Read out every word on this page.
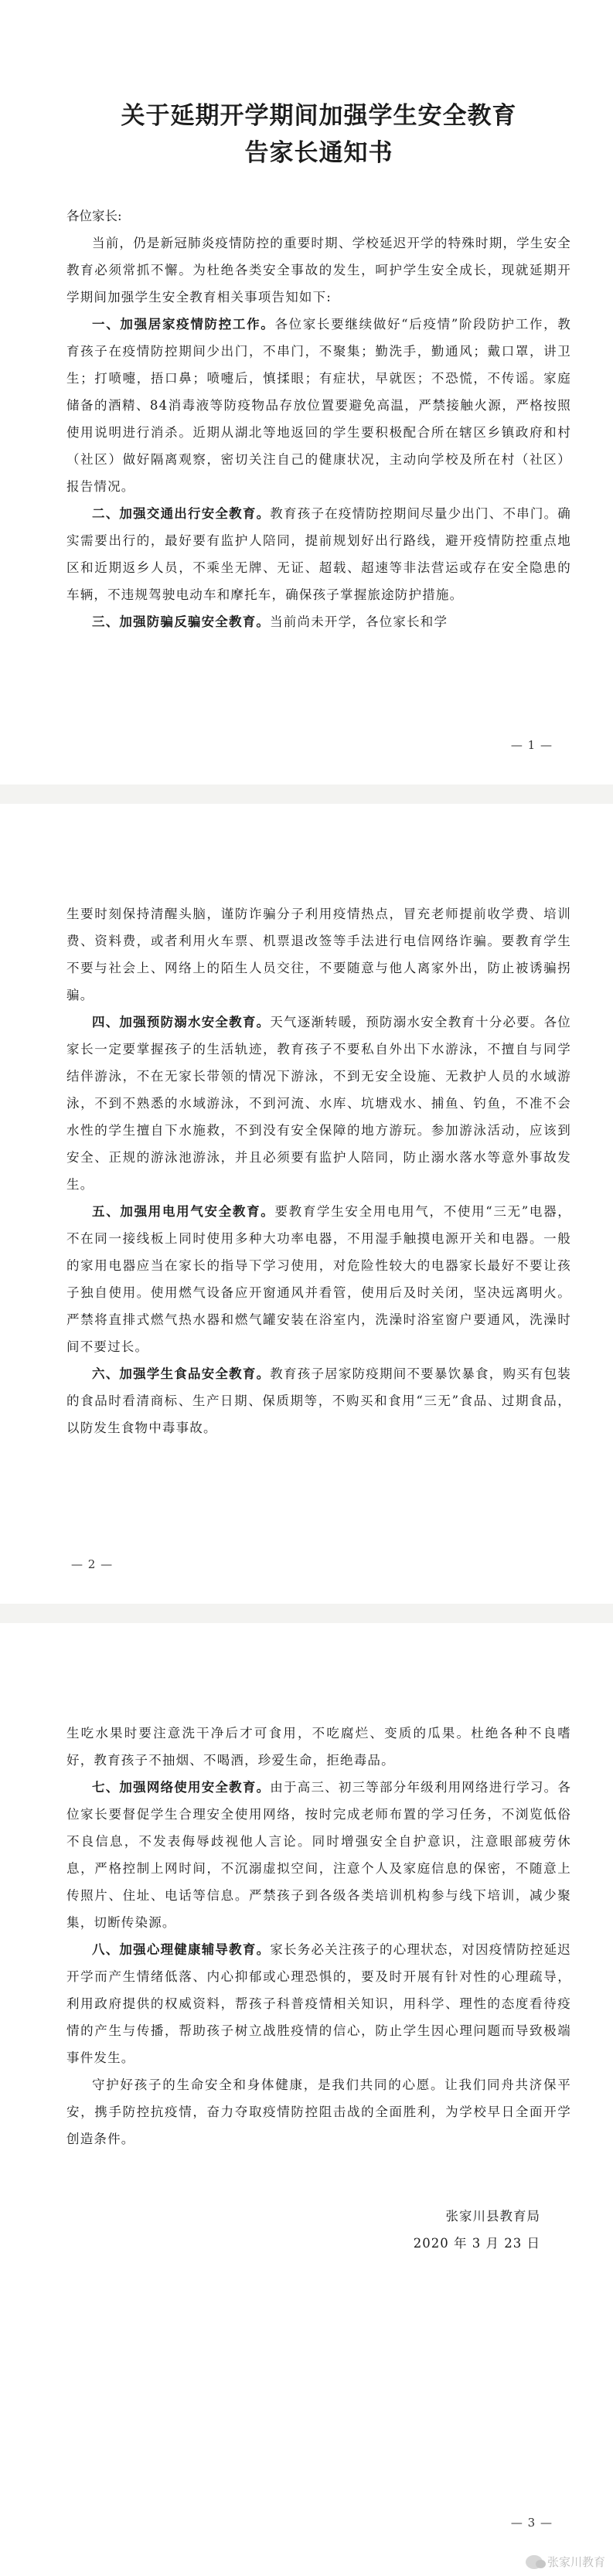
关于延期开学期间加强学生安全教育
告家长通知书

各位家长:

当前，仍是新冠肺炎疫情防控的重要时期、学校延迟开学的特殊时期，学生安全教育必须常抓不懈。为杜绝各类安全事故的发生，呵护学生安全成长，现就延期开学期间加强学生安全教育相关事项告知如下:

一、加强居家疫情防控工作。各位家长要继续做好“后疫情”阶段防护工作，教育孩子在疫情防控期间少出门，不串门，不聚集；勤洗手，勤通风；戴口罩，讲卫生；打喷嚏，捂口鼻；喷嚏后，慎揉眼；有症状，早就医；不恐慌，不传谣。家庭储备的酒精、84消毒液等防疫物品存放位置要避免高温，严禁接触火源，严格按照使用说明进行消杀。近期从湖北等地返回的学生要积极配合所在辖区乡镇政府和村（社区）做好隔离观察，密切关注自己的健康状况，主动向学校及所在村（社区）报告情况。

二、加强交通出行安全教育。教育孩子在疫情防控期间尽量少出门、不串门。确实需要出行的，最好要有监护人陪同，提前规划好出行路线，避开疫情防控重点地区和近期返乡人员，不乘坐无牌、无证、超载、超速等非法营运或存在安全隐患的车辆，不违规驾驶电动车和摩托车，确保孩子掌握旅途防护措施。

三、加强防骗反骗安全教育。当前尚未开学，各位家长和学

— 1 —

生要时刻保持清醒头脑，谨防诈骗分子利用疫情热点，冒充老师提前收学费、培训费、资料费，或者利用火车票、机票退改签等手法进行电信网络诈骗。要教育学生不要与社会上、网络上的陌生人员交往，不要随意与他人离家外出，防止被诱骗拐骗。

四、加强预防溺水安全教育。天气逐渐转暖，预防溺水安全教育十分必要。各位家长一定要掌握孩子的生活轨迹，教育孩子不要私自外出下水游泳，不擅自与同学结伴游泳，不在无家长带领的情况下游泳，不到无安全设施、无救护人员的水域游泳，不到不熟悉的水域游泳，不到河流、水库、坑塘戏水、捕鱼、钓鱼，不准不会水性的学生擅自下水施救，不到没有安全保障的地方游玩。参加游泳活动，应该到安全、正规的游泳池游泳，并且必须要有监护人陪同，防止溺水落水等意外事故发生。

五、加强用电用气安全教育。要教育学生安全用电用气，不使用“三无”电器，不在同一接线板上同时使用多种大功率电器，不用湿手触摸电源开关和电器。一般的家用电器应当在家长的指导下学习使用，对危险性较大的电器家长最好不要让孩子独自使用。使用燃气设备应开窗通风并看管，使用后及时关闭，坚决远离明火。严禁将直排式燃气热水器和燃气罐安装在浴室内，洗澡时浴室窗户要通风，洗澡时间不要过长。

六、加强学生食品安全教育。教育孩子居家防疫期间不要暴饮暴食，购买有包装的食品时看清商标、生产日期、保质期等，不购买和食用“三无”食品、过期食品，以防发生食物中毒事故。

— 2 —

生吃水果时要注意洗干净后才可食用，不吃腐烂、变质的瓜果。杜绝各种不良嗜好，教育孩子不抽烟、不喝酒，珍爱生命，拒绝毒品。

七、加强网络使用安全教育。由于高三、初三等部分年级利用网络进行学习。各位家长要督促学生合理安全使用网络，按时完成老师布置的学习任务，不浏览低俗不良信息，不发表侮辱歧视他人言论。同时增强安全自护意识，注意眼部疲劳休息，严格控制上网时间，不沉溺虚拟空间，注意个人及家庭信息的保密，不随意上传照片、住址、电话等信息。严禁孩子到各级各类培训机构参与线下培训，减少聚集，切断传染源。

八、加强心理健康辅导教育。家长务必关注孩子的心理状态，对因疫情防控延迟开学而产生情绪低落、内心抑郁或心理恐惧的，要及时开展有针对性的心理疏导，利用政府提供的权威资料，帮孩子科普疫情相关知识，用科学、理性的态度看待疫情的产生与传播，帮助孩子树立战胜疫情的信心，防止学生因心理问题而导致极端事件发生。

守护好孩子的生命安全和身体健康，是我们共同的心愿。让我们同舟共济保平安，携手防控抗疫情，奋力夺取疫情防控阻击战的全面胜利，为学校早日全面开学创造条件。

张家川县教育局

2020 年 3 月 23 日

— 3 —
张家川教育
